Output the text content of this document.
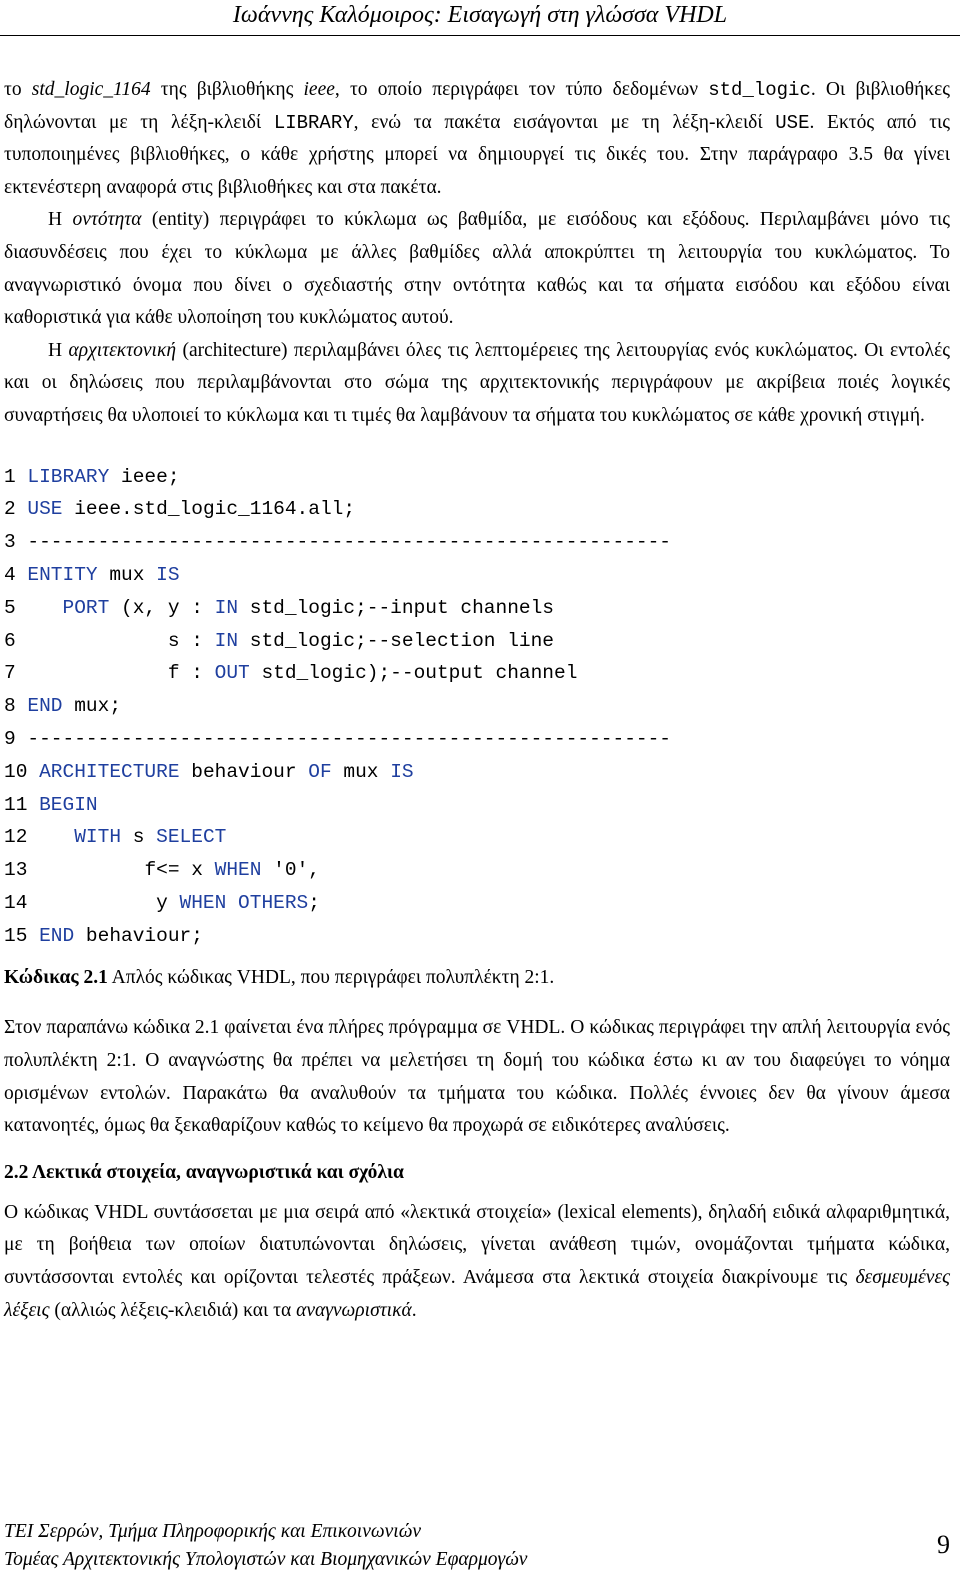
Ιωάννης Καλόμοιρος: Εισαγωγή στη γλώσσα VHDL

το std_logic_1164 της βιβλιοθήκης ieee, το οποίο περιγράφει τον τύπο δεδομένων std_logic. Οι βιβλιοθήκες δηλώνονται με τη λέξη-κλειδί LIBRARY, ενώ τα πακέτα εισάγονται με τη λέξη-κλειδί USE. Εκτός από τις τυποποιημένες βιβλιοθήκες, ο κάθε χρήστης μπορεί να δημιουργεί τις δικές του. Στην παράγραφο 3.5 θα γίνει εκτενέστερη αναφορά στις βιβλιοθήκες και στα πακέτα.

Η οντότητα (entity) περιγράφει το κύκλωμα ως βαθμίδα, με εισόδους και εξόδους. Περιλαμβάνει μόνο τις διασυνδέσεις που έχει το κύκλωμα με άλλες βαθμίδες αλλά αποκρύπτει τη λειτουργία του κυκλώματος. Το αναγνωριστικό όνομα που δίνει ο σχεδιαστής στην οντότητα καθώς και τα σήματα εισόδου και εξόδου είναι καθοριστικά για κάθε υλοποίηση του κυκλώματος αυτού.

Η αρχιτεκτονική (architecture) περιλαμβάνει όλες τις λεπτομέρειες της λειτουργίας ενός κυκλώματος. Οι εντολές και οι δηλώσεις που περιλαμβάνονται στο σώμα της αρχιτεκτονικής περιγράφουν με ακρίβεια ποιές λογικές συναρτήσεις θα υλοποιεί το κύκλωμα και τι τιμές θα λαμβάνουν τα σήματα του κυκλώματος σε κάθε χρονική στιγμή.

1 LIBRARY ieee;
2 USE ieee.std_logic_1164.all;
3 -------------------------------------------------------
4 ENTITY mux IS
5    PORT (x, y : IN std_logic;--input channels
6             s : IN std_logic;--selection line
7             f : OUT std_logic);--output channel
8 END mux;
9 -------------------------------------------------------
10 ARCHITECTURE behaviour OF mux IS
11 BEGIN
12    WITH s SELECT
13          f<= x WHEN '0',
14           y WHEN OTHERS;
15 END behaviour;

Κώδικας 2.1 Απλός κώδικας VHDL, που περιγράφει πολυπλέκτη 2:1.

Στον παραπάνω κώδικα 2.1 φαίνεται ένα πλήρες πρόγραμμα σε VHDL. Ο κώδικας περιγράφει την απλή λειτουργία ενός πολυπλέκτη 2:1. Ο αναγνώστης θα πρέπει να μελετήσει τη δομή του κώδικα έστω κι αν του διαφεύγει το νόημα ορισμένων εντολών. Παρακάτω θα αναλυθούν τα τμήματα του κώδικα. Πολλές έννοιες δεν θα γίνουν άμεσα κατανοητές, όμως θα ξεκαθαρίζουν καθώς το κείμενο θα προχωρά σε ειδικότερες αναλύσεις.

2.2 Λεκτικά στοιχεία, αναγνωριστικά και σχόλια

Ο κώδικας VHDL συντάσσεται με μια σειρά από «λεκτικά στοιχεία» (lexical elements), δηλαδή ειδικά αλφαριθμητικά, με τη βοήθεια των οποίων διατυπώνονται δηλώσεις, γίνεται ανάθεση τιμών, ονομάζονται τμήματα κώδικα, συντάσσονται εντολές και ορίζονται τελεστές πράξεων. Ανάμεσα στα λεκτικά στοιχεία διακρίνουμε τις δεσμευμένες λέξεις (αλλιώς λέξεις-κλειδιά) και τα αναγνωριστικά.

ΤΕΙ Σερρών, Τμήμα Πληροφορικής και Επικοινωνιών
Τομέας Αρχιτεκτονικής Υπολογιστών και Βιομηχανικών Εφαρμογών
9
